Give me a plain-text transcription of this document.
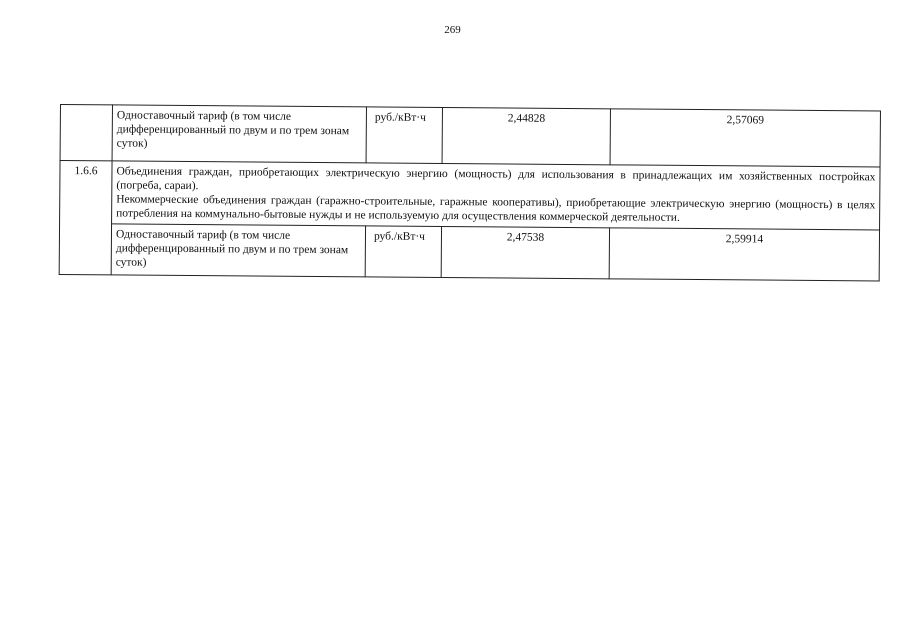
269
	Одноставочный тариф (в том числе дифференцированный по двум и по трем зонам суток)	руб./кВт·ч	2,44828	2,57069
1.6.6	Объединения граждан, приобретающих электрическую энергию (мощность) для использования в принадлежащих им хозяйственных постройках (погреба, сараи).
Некоммерческие объединения граждан (гаражно-строительные, гаражные кооперативы), приобретающие электрическую энергию (мощность) в целях потребления на коммунально-бытовые нужды и не используемую для осуществления коммерческой деятельности.			

	Одноставочный тариф (в том числе дифференцированный по двум и по трем зонам суток)	руб./кВт·ч	2,47538	2,59914
